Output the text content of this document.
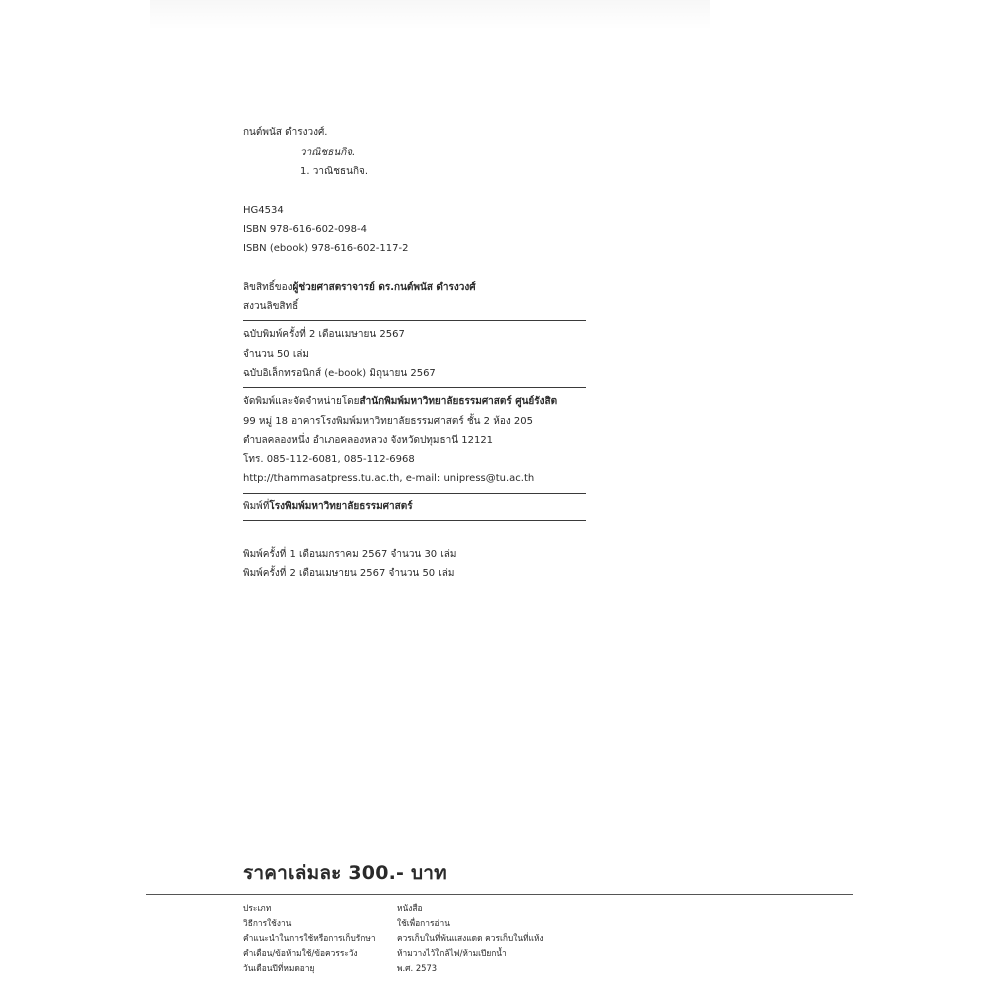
กนต์พนัส ดำรงวงศ์.
วาณิชธนกิจ.
1. วาณิชธนกิจ.
HG4534
ISBN 978-616-602-098-4
ISBN (ebook) 978-616-602-117-2
ลิขสิทธิ์ของผู้ช่วยศาสตราจารย์ ดร.กนต์พนัส ดำรงวงศ์
สงวนลิขสิทธิ์
ฉบับพิมพ์ครั้งที่ 2 เดือนเมษายน 2567
จำนวน 50 เล่ม
ฉบับอิเล็กทรอนิกส์ (e-book) มิถุนายน 2567
จัดพิมพ์และจัดจำหน่ายโดยสำนักพิมพ์มหาวิทยาลัยธรรมศาสตร์ ศูนย์รังสิต
99 หมู่ 18 อาคารโรงพิมพ์มหาวิทยาลัยธรรมศาสตร์ ชั้น 2 ห้อง 205
ตำบลคลองหนึ่ง อำเภอคลองหลวง จังหวัดปทุมธานี 12121
โทร. 085-112-6081, 085-112-6968
http://thammasatpress.tu.ac.th, e-mail: unipress@tu.ac.th
พิมพ์ที่โรงพิมพ์มหาวิทยาลัยธรรมศาสตร์
พิมพ์ครั้งที่ 1 เดือนมกราคม 2567 จำนวน 30 เล่ม
พิมพ์ครั้งที่ 2 เดือนเมษายน 2567 จำนวน 50 เล่ม
ราคาเล่มละ 300.- บาท
ประเภท
วิธีการใช้งาน
คำแนะนำในการใช้หรือการเก็บรักษา
คำเตือน/ข้อห้ามใช้/ข้อควรระวัง
วันเดือนปีที่หมดอายุ
หนังสือ
ใช้เพื่อการอ่าน
ควรเก็บในที่พ้นแสงแดด ควรเก็บในที่แห้ง
ห้ามวางไว้ใกล้ไฟ/ห้ามเปียกน้ำ
พ.ศ. 2573
